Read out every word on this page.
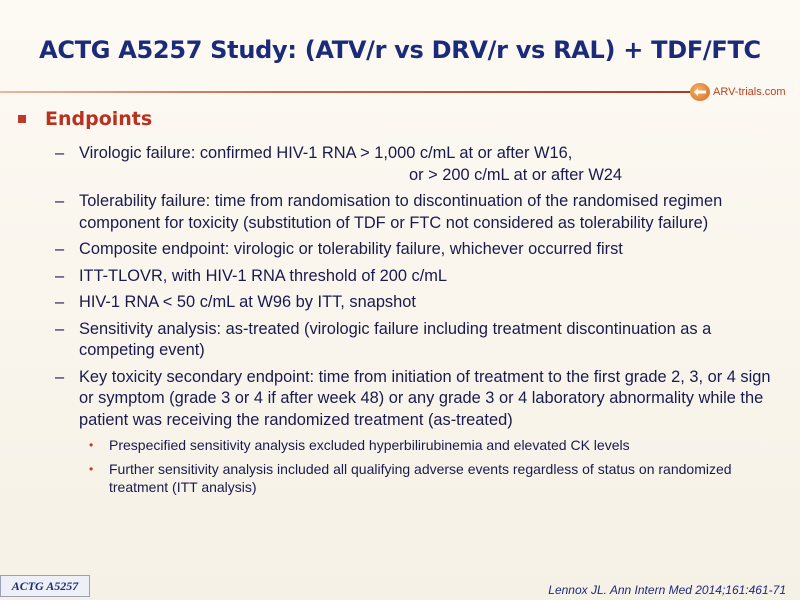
ACTG A5257 Study: (ATV/r vs DRV/r vs RAL) + TDF/FTC
ARV-trials.com
Endpoints
– Virologic failure: confirmed HIV-1 RNA > 1,000 c/mL at or after W16,
or > 200 c/mL at or after W24
– Tolerability failure: time from randomisation to discontinuation of the randomised regimen component for toxicity (substitution of TDF or FTC not considered as tolerability failure)
– Composite endpoint: virologic or tolerability failure, whichever occurred first
– ITT-TLOVR, with HIV-1 RNA threshold of 200 c/mL
– HIV-1 RNA < 50 c/mL at W96 by ITT, snapshot
– Sensitivity analysis: as-treated (virologic failure including treatment discontinuation as a competing event)
– Key toxicity secondary endpoint: time from initiation of treatment to the first grade 2, 3, or 4 sign or symptom (grade 3 or 4 if after week 48) or any grade 3 or 4 laboratory abnormality while the patient was receiving the randomized treatment (as-treated)
•	Prespecified sensitivity analysis excluded hyperbilirubinemia and elevated CK levels
•	Further sensitivity analysis included all qualifying adverse events regardless of status on randomized treatment (ITT analysis)
ACTG A5257	Lennox JL. Ann Intern Med 2014;161:461-71
